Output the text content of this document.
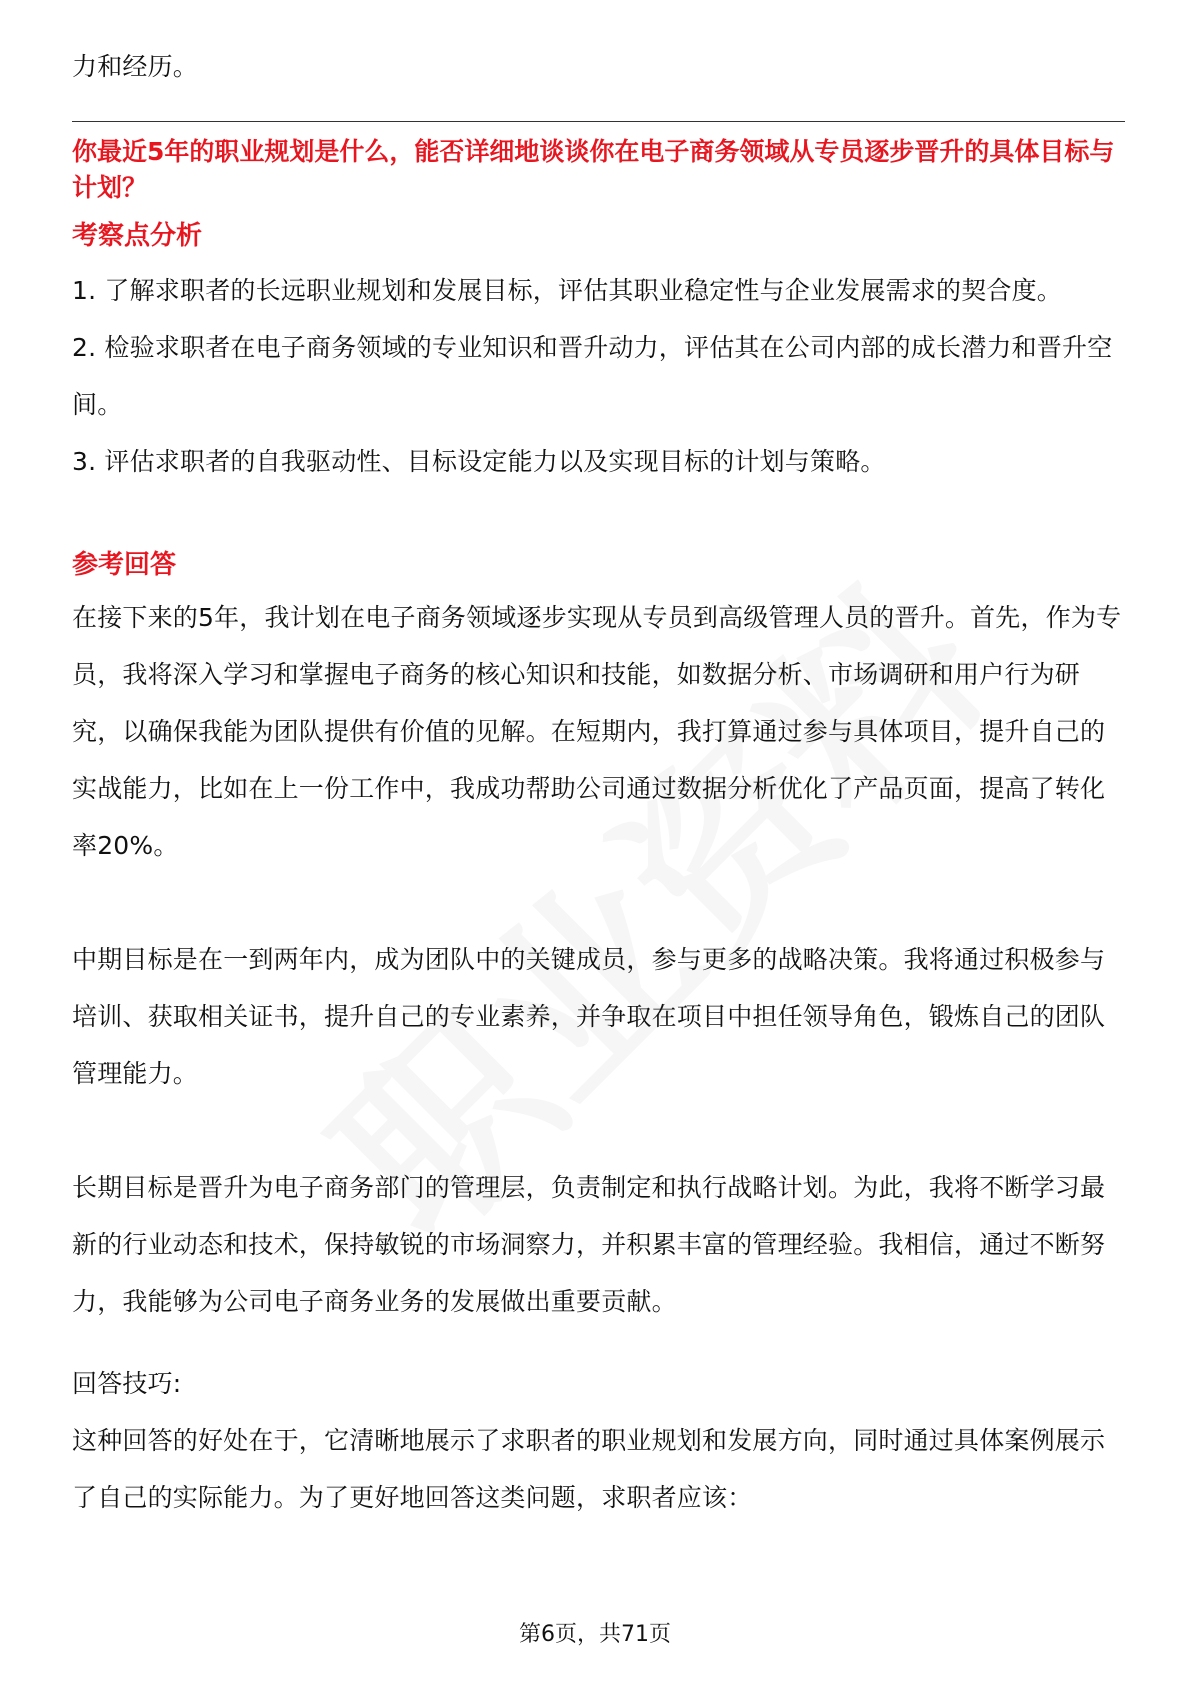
力和经历。

你最近5年的职业规划是什么，能否详细地谈谈你在电子商务领域从专员逐步晋升的具体目标与计划？

考察点分析

1. 了解求职者的长远职业规划和发展目标，评估其职业稳定性与企业发展需求的契合度。

2. 检验求职者在电子商务领域的专业知识和晋升动力，评估其在公司内部的成长潜力和晋升空间。

3. 评估求职者的自我驱动性、目标设定能力以及实现目标的计划与策略。

参考回答

在接下来的5年，我计划在电子商务领域逐步实现从专员到高级管理人员的晋升。首先，作为专员，我将深入学习和掌握电子商务的核心知识和技能，如数据分析、市场调研和用户行为研究，以确保我能为团队提供有价值的见解。在短期内，我打算通过参与具体项目，提升自己的实战能力，比如在上一份工作中，我成功帮助公司通过数据分析优化了产品页面，提高了转化率20%。

中期目标是在一到两年内，成为团队中的关键成员，参与更多的战略决策。我将通过积极参与培训、获取相关证书，提升自己的专业素养，并争取在项目中担任领导角色，锻炼自己的团队管理能力。

长期目标是晋升为电子商务部门的管理层，负责制定和执行战略计划。为此，我将不断学习最新的行业动态和技术，保持敏锐的市场洞察力，并积累丰富的管理经验。我相信，通过不断努力，我能够为公司电子商务业务的发展做出重要贡献。

回答技巧:

这种回答的好处在于，它清晰地展示了求职者的职业规划和发展方向，同时通过具体案例展示了自己的实际能力。为了更好地回答这类问题，求职者应该：

第6页，共71页
